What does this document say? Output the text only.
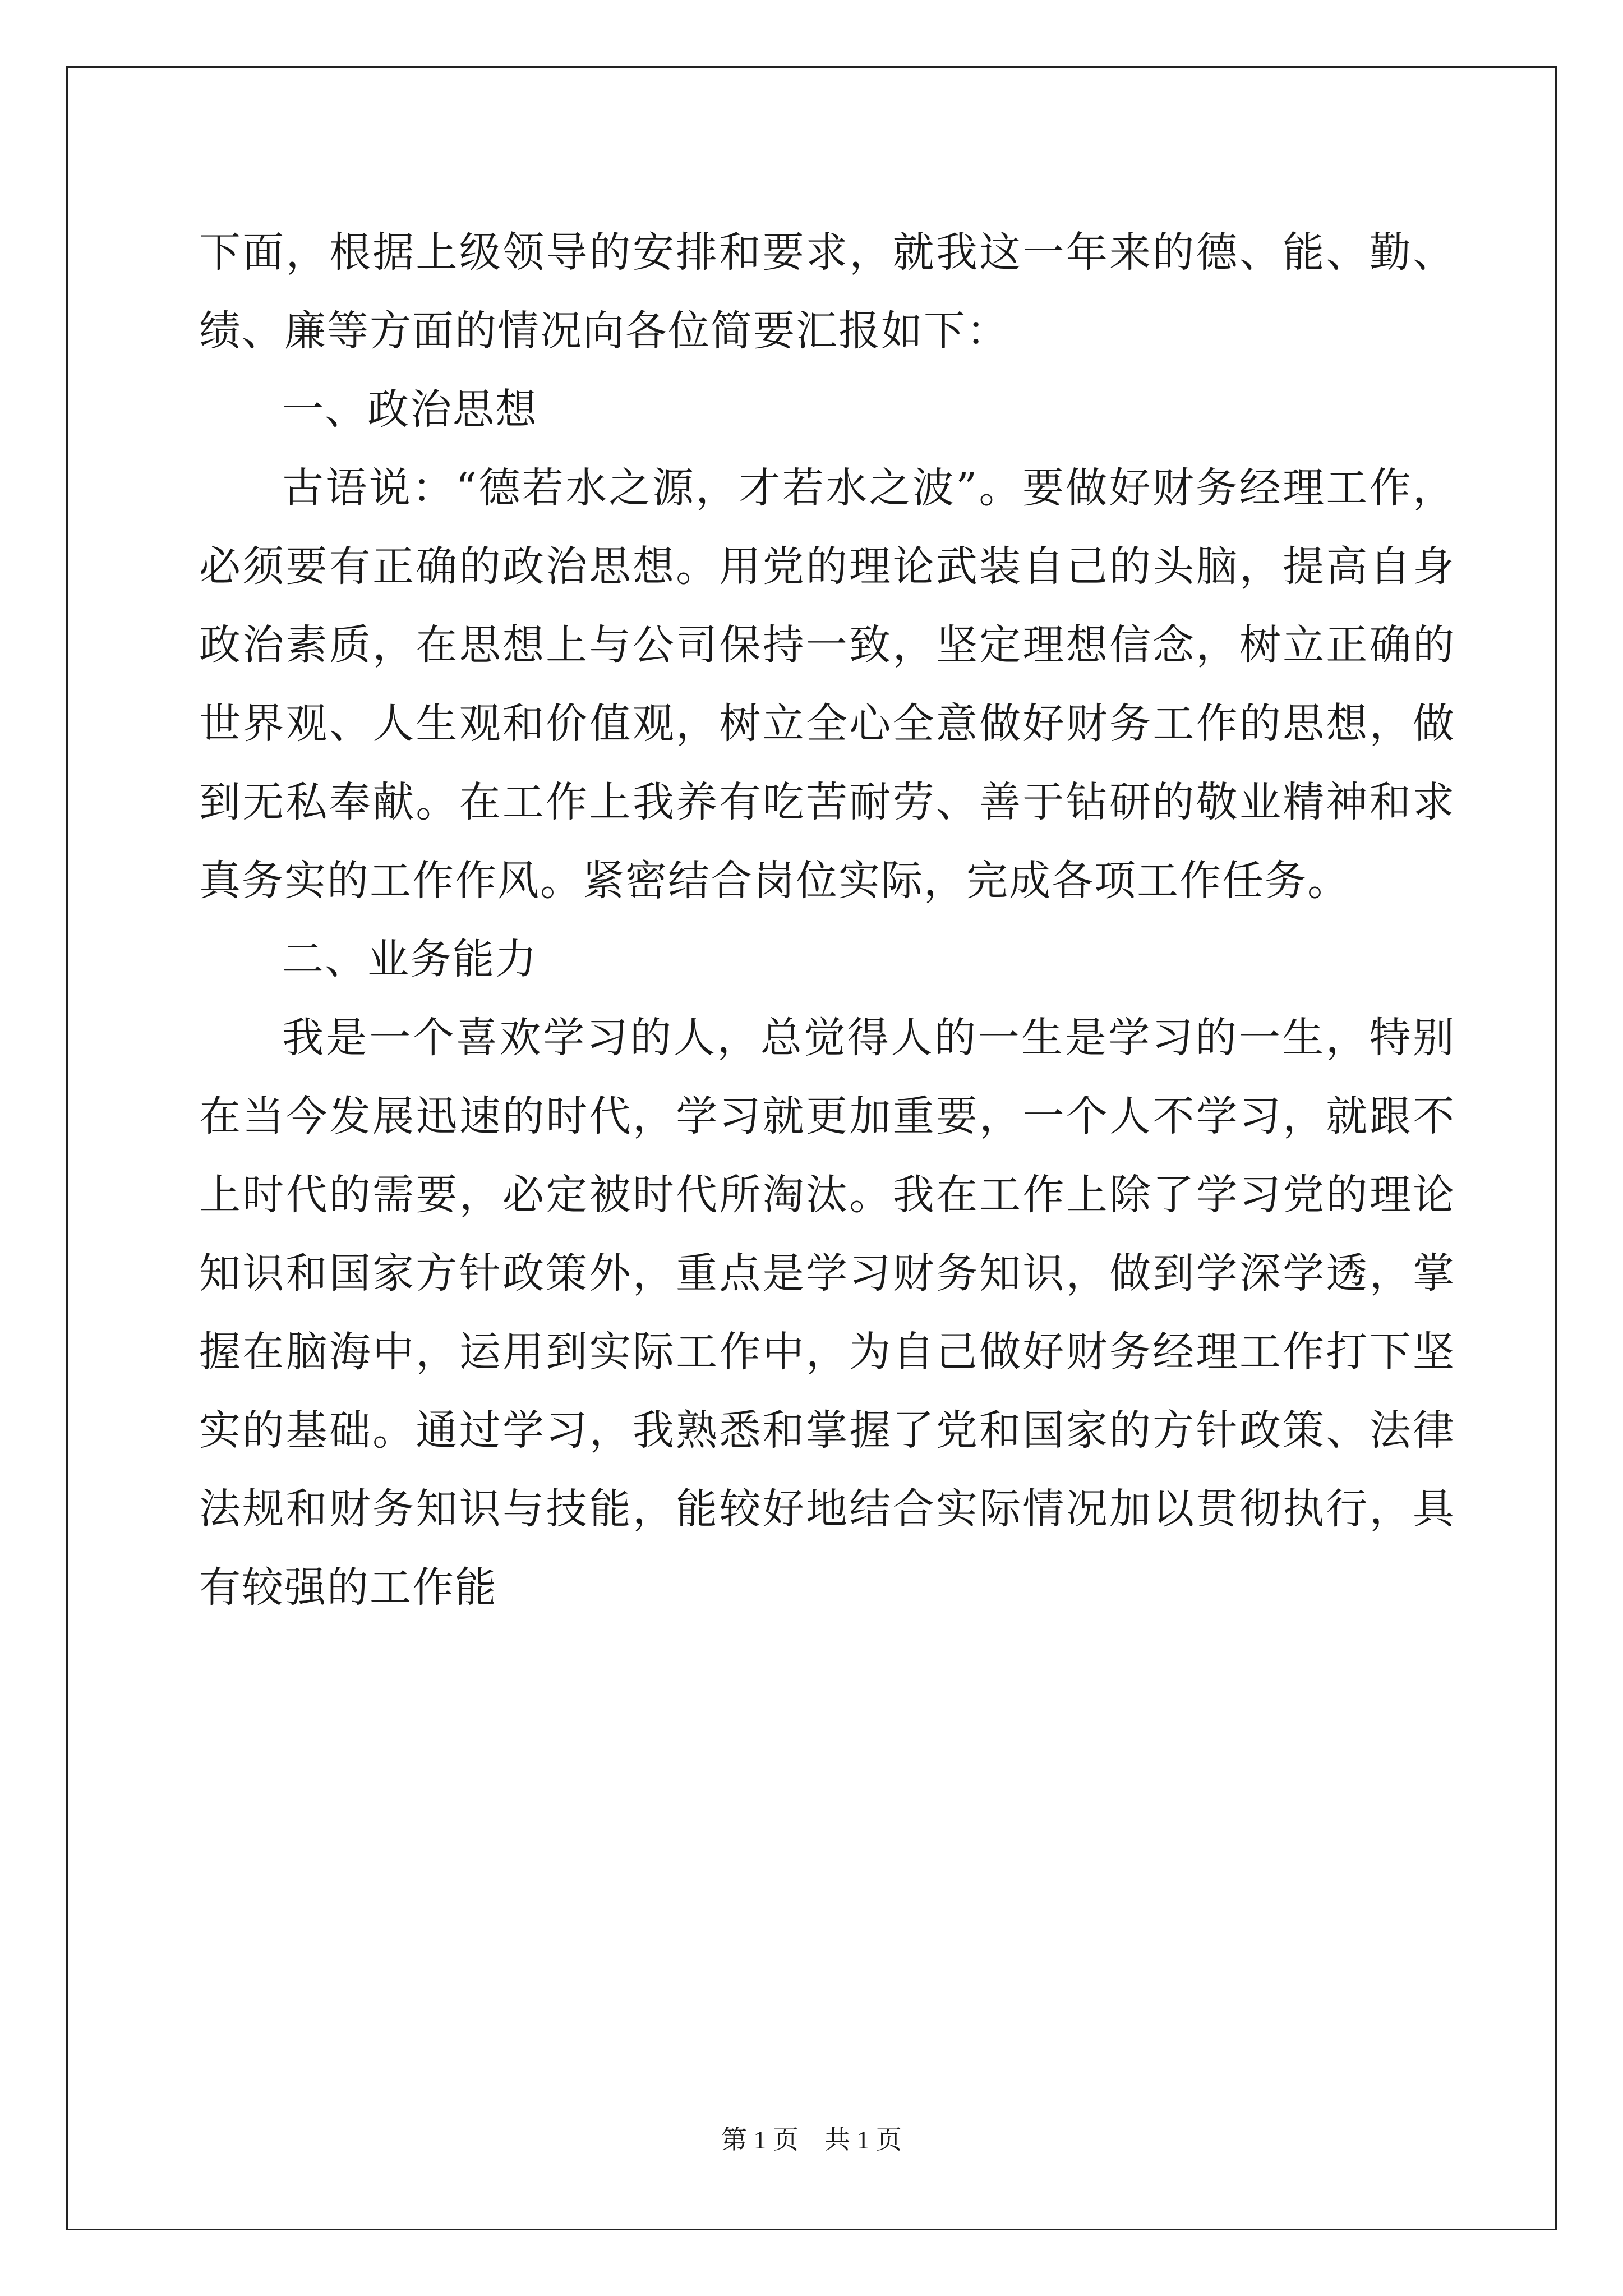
下面，根据上级领导的安排和要求，就我这一年来的德、能、勤、绩、廉等方面的情况向各位简要汇报如下：

一、政治思想

古语说：“德若水之源，才若水之波”。要做好财务经理工作，必须要有正确的政治思想。用党的理论武装自己的头脑，提高自身政治素质，在思想上与公司保持一致，坚定理想信念，树立正确的世界观、人生观和价值观，树立全心全意做好财务工作的思想，做到无私奉献。在工作上我养有吃苦耐劳、善于钻研的敬业精神和求真务实的工作作风。紧密结合岗位实际，完成各项工作任务。

二、业务能力

我是一个喜欢学习的人，总觉得人的一生是学习的一生，特别在当今发展迅速的时代，学习就更加重要，一个人不学习，就跟不上时代的需要，必定被时代所淘汰。我在工作上除了学习党的理论知识和国家方针政策外，重点是学习财务知识，做到学深学透，掌握在脑海中，运用到实际工作中，为自己做好财务经理工作打下坚实的基础。通过学习，我熟悉和掌握了党和国家的方针政策、法律法规和财务知识与技能，能较好地结合实际情况加以贯彻执行，具有较强的工作能

第 1 页　共 1 页
